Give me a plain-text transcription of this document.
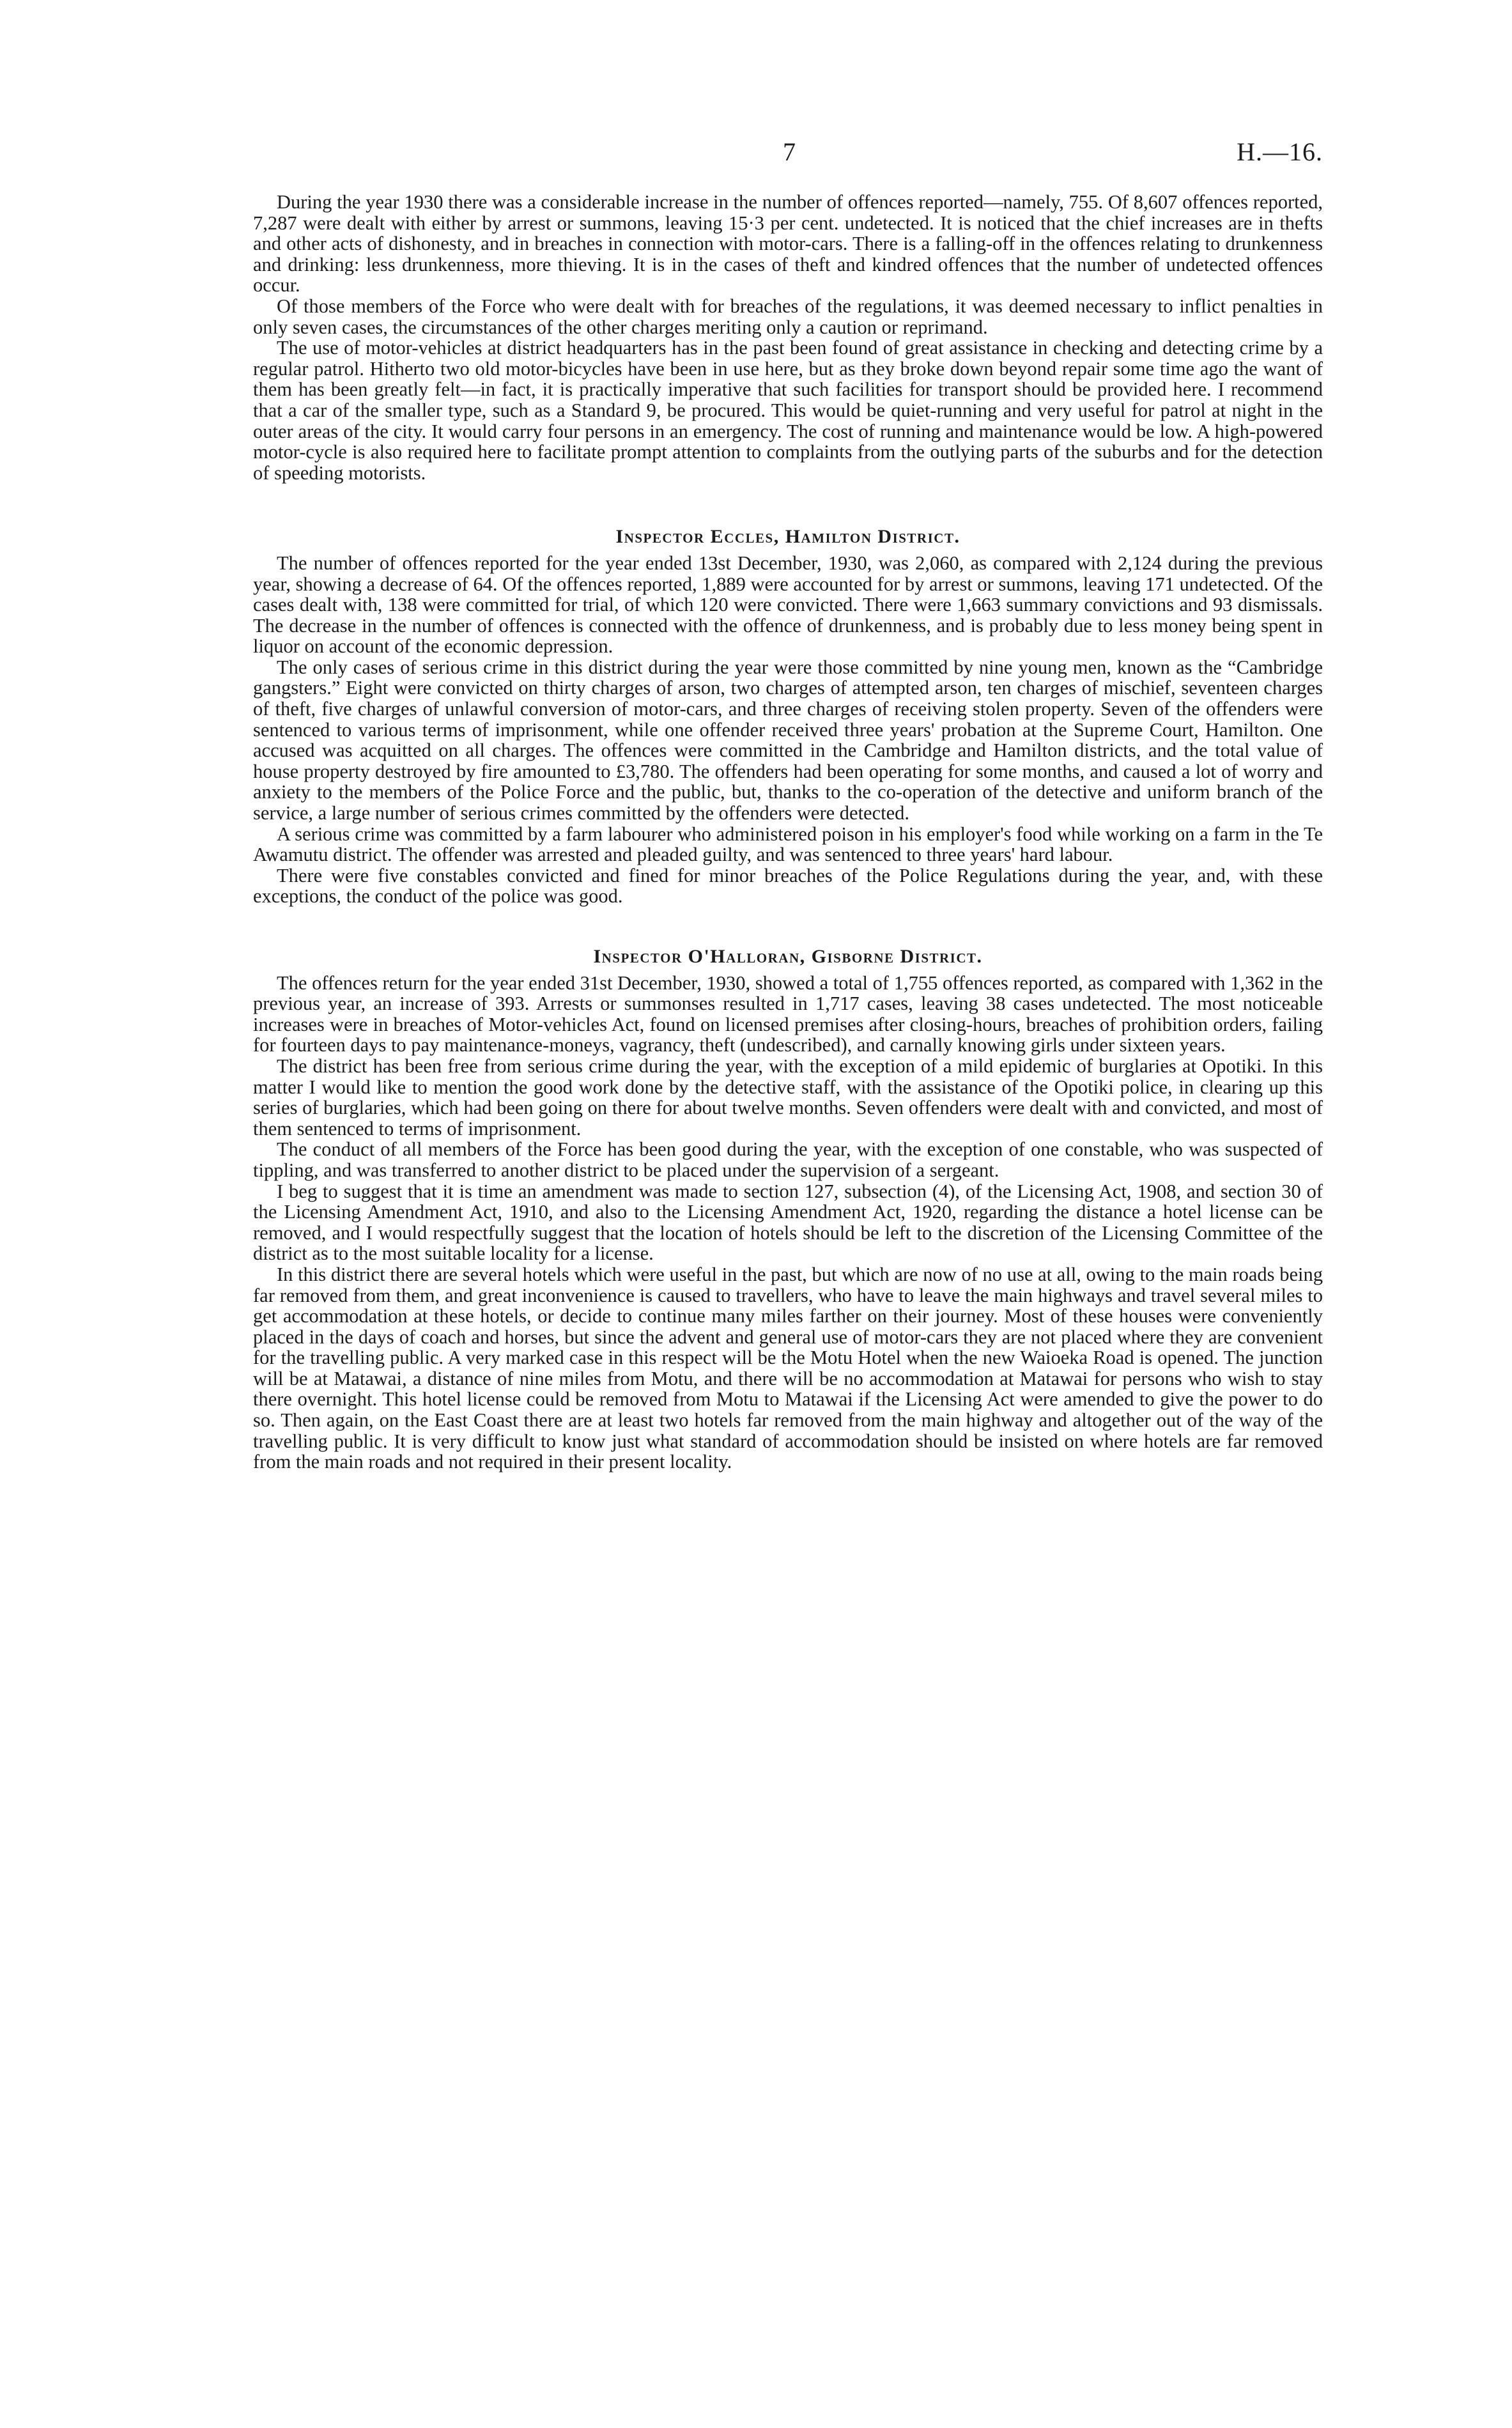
7	H.—16.

During the year 1930 there was a considerable increase in the number of offences reported—namely, 755. Of 8,607 offences reported, 7,287 were dealt with either by arrest or summons, leaving 15·3 per cent. undetected. It is noticed that the chief increases are in thefts and other acts of dishonesty, and in breaches in connection with motor-cars. There is a falling-off in the offences relating to drunkenness and drinking: less drunkenness, more thieving. It is in the cases of theft and kindred offences that the number of undetected offences occur.

Of those members of the Force who were dealt with for breaches of the regulations, it was deemed necessary to inflict penalties in only seven cases, the circumstances of the other charges meriting only a caution or reprimand.

The use of motor-vehicles at district headquarters has in the past been found of great assistance in checking and detecting crime by a regular patrol. Hitherto two old motor-bicycles have been in use here, but as they broke down beyond repair some time ago the want of them has been greatly felt—in fact, it is practically imperative that such facilities for transport should be provided here. I recommend that a car of the smaller type, such as a Standard 9, be procured. This would be quiet-running and very useful for patrol at night in the outer areas of the city. It would carry four persons in an emergency. The cost of running and maintenance would be low. A high-powered motor-cycle is also required here to facilitate prompt attention to complaints from the outlying parts of the suburbs and for the detection of speeding motorists.

Inspector Eccles, Hamilton District.

The number of offences reported for the year ended 13st December, 1930, was 2,060, as compared with 2,124 during the previous year, showing a decrease of 64. Of the offences reported, 1,889 were accounted for by arrest or summons, leaving 171 undetected. Of the cases dealt with, 138 were committed for trial, of which 120 were convicted. There were 1,663 summary convictions and 93 dismissals. The decrease in the number of offences is connected with the offence of drunkenness, and is probably due to less money being spent in liquor on account of the economic depression.

The only cases of serious crime in this district during the year were those committed by nine young men, known as the “Cambridge gangsters.” Eight were convicted on thirty charges of arson, two charges of attempted arson, ten charges of mischief, seventeen charges of theft, five charges of unlawful conversion of motor-cars, and three charges of receiving stolen property. Seven of the offenders were sentenced to various terms of imprisonment, while one offender received three years' probation at the Supreme Court, Hamilton. One accused was acquitted on all charges. The offences were committed in the Cambridge and Hamilton districts, and the total value of house property destroyed by fire amounted to £3,780. The offenders had been operating for some months, and caused a lot of worry and anxiety to the members of the Police Force and the public, but, thanks to the co-operation of the detective and uniform branch of the service, a large number of serious crimes committed by the offenders were detected.

A serious crime was committed by a farm labourer who administered poison in his employer's food while working on a farm in the Te Awamutu district. The offender was arrested and pleaded guilty, and was sentenced to three years' hard labour.

There were five constables convicted and fined for minor breaches of the Police Regulations during the year, and, with these exceptions, the conduct of the police was good.

Inspector O'Halloran, Gisborne District.

The offences return for the year ended 31st December, 1930, showed a total of 1,755 offences reported, as compared with 1,362 in the previous year, an increase of 393. Arrests or summonses resulted in 1,717 cases, leaving 38 cases undetected. The most noticeable increases were in breaches of Motor-vehicles Act, found on licensed premises after closing-hours, breaches of prohibition orders, failing for fourteen days to pay maintenance-moneys, vagrancy, theft (undescribed), and carnally knowing girls under sixteen years.

The district has been free from serious crime during the year, with the exception of a mild epidemic of burglaries at Opotiki. In this matter I would like to mention the good work done by the detective staff, with the assistance of the Opotiki police, in clearing up this series of burglaries, which had been going on there for about twelve months. Seven offenders were dealt with and convicted, and most of them sentenced to terms of imprisonment.

The conduct of all members of the Force has been good during the year, with the exception of one constable, who was suspected of tippling, and was transferred to another district to be placed under the supervision of a sergeant.

I beg to suggest that it is time an amendment was made to section 127, subsection (4), of the Licensing Act, 1908, and section 30 of the Licensing Amendment Act, 1910, and also to the Licensing Amendment Act, 1920, regarding the distance a hotel license can be removed, and I would respectfully suggest that the location of hotels should be left to the discretion of the Licensing Committee of the district as to the most suitable locality for a license.

In this district there are several hotels which were useful in the past, but which are now of no use at all, owing to the main roads being far removed from them, and great inconvenience is caused to travellers, who have to leave the main highways and travel several miles to get accommodation at these hotels, or decide to continue many miles farther on their journey. Most of these houses were conveniently placed in the days of coach and horses, but since the advent and general use of motor-cars they are not placed where they are convenient for the travelling public. A very marked case in this respect will be the Motu Hotel when the new Waioeka Road is opened. The junction will be at Matawai, a distance of nine miles from Motu, and there will be no accommodation at Matawai for persons who wish to stay there overnight. This hotel license could be removed from Motu to Matawai if the Licensing Act were amended to give the power to do so. Then again, on the East Coast there are at least two hotels far removed from the main highway and altogether out of the way of the travelling public. It is very difficult to know just what standard of accommodation should be insisted on where hotels are far removed from the main roads and not required in their present locality.
